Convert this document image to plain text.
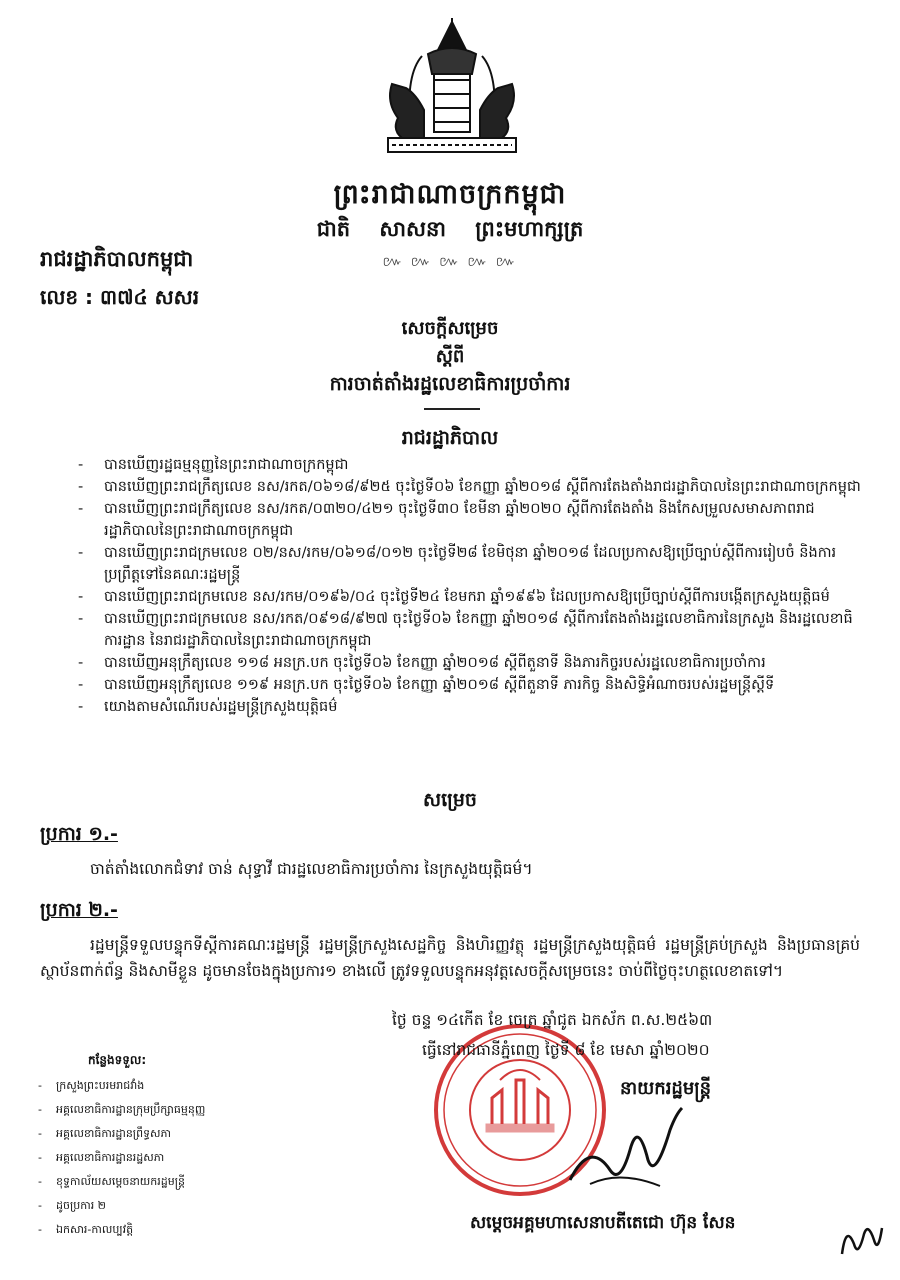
ព្រះរាជាណាចក្រកម្ពុជា
ជាតិ សាសនា ព្រះមហាក្សត្រ
៚ ៚ ៚ ៚ ៚
រាជរដ្ឋាភិបាលកម្ពុជា
លេខ : ៣៧៤ សសរ
សេចក្ដីសម្រេច
ស្ដីពី
ការចាត់តាំងរដ្ឋលេខាធិការប្រចាំការ
រាជរដ្ឋាភិបាល
- បានឃើញរដ្ឋធម្មនុញ្ញនៃព្រះរាជាណាចក្រកម្ពុជា
- បានឃើញព្រះរាជក្រឹត្យលេខ នស/រកត/០៦១៨/៩២៥ ចុះថ្ងៃទី០៦ ខែកញ្ញា ឆ្នាំ២០១៨ ស្ដីពីការតែងតាំងរាជរដ្ឋាភិបាលនៃព្រះរាជាណាចក្រកម្ពុជា
- បានឃើញព្រះរាជក្រឹត្យលេខ នស/រកត/០៣២០/៤២១ ចុះថ្ងៃទី៣០ ខែមីនា ឆ្នាំ២០២០ ស្ដីពីការតែងតាំង និងកែសម្រួលសមាសភាពរាជរដ្ឋាភិបាលនៃព្រះរាជាណាចក្រកម្ពុជា
- បានឃើញព្រះរាជក្រមលេខ ០២/នស/រកម/០៦១៨/០១២ ចុះថ្ងៃទី២៨ ខែមិថុនា ឆ្នាំ២០១៨ ដែលប្រកាសឱ្យប្រើច្បាប់ស្ដីពីការរៀបចំ និងការប្រព្រឹត្តទៅនៃគណៈរដ្ឋមន្ត្រី
- បានឃើញព្រះរាជក្រមលេខ នស/រកម/០១៩៦/០៤ ចុះថ្ងៃទី២៤ ខែមករា ឆ្នាំ១៩៩៦ ដែលប្រកាសឱ្យប្រើច្បាប់ស្ដីពីការបង្កើតក្រសួងយុត្តិធម៌
- បានឃើញព្រះរាជក្រមលេខ នស/រកត/០៩១៨/៩២៧ ចុះថ្ងៃទី០៦ ខែកញ្ញា ឆ្នាំ២០១៨ ស្ដីពីការតែងតាំងរដ្ឋលេខាធិការនៃក្រសួង និងរដ្ឋលេខាធិការដ្ឋាន នៃរាជរដ្ឋាភិបាលនៃព្រះរាជាណាចក្រកម្ពុជា
- បានឃើញអនុក្រឹត្យលេខ ១១៨ អនក្រ.បក ចុះថ្ងៃទី០៦ ខែកញ្ញា ឆ្នាំ២០១៨ ស្ដីពីតួនាទី និងភារកិច្ចរបស់រដ្ឋលេខាធិការប្រចាំការ
- បានឃើញអនុក្រឹត្យលេខ ១១៩ អនក្រ.បក ចុះថ្ងៃទី០៦ ខែកញ្ញា ឆ្នាំ២០១៨ ស្ដីពីតួនាទី ភារកិច្ច និងសិទ្ធិអំណាចរបស់រដ្ឋមន្ត្រីស្ដីទី
- យោងតាមសំណើរបស់រដ្ឋមន្ត្រីក្រសួងយុត្តិធម៌
សម្រេច
ប្រការ ១.-
ចាត់តាំងលោកជំទាវ ចាន់ សុទ្ធាវី ជារដ្ឋលេខាធិការប្រចាំការ នៃក្រសួងយុត្តិធម៌។
ប្រការ ២.-
រដ្ឋមន្ត្រីទទួលបន្ទុកទីស្ដីការគណៈរដ្ឋមន្ត្រី រដ្ឋមន្ត្រីក្រសួងសេដ្ឋកិច្ច និងហិរញ្ញវត្ថុ រដ្ឋមន្ត្រីក្រសួងយុត្តិធម៌ រដ្ឋមន្ត្រីគ្រប់ក្រសួង និងប្រធានគ្រប់ស្ថាប័នពាក់ព័ន្ធ និងសាមីខ្លួន ដូចមានចែងក្នុងប្រការ១ ខាងលើ ត្រូវទទួលបន្ទុកអនុវត្តសេចក្ដីសម្រេចនេះ ចាប់ពីថ្ងៃចុះហត្ថលេខាតទៅ។
ថ្ងៃ ចន្ទ ១៤កើត ខែ ចេត្រ ឆ្នាំជូត ឯកស័ក ព.ស.២៥៦៣
ធ្វើនៅរាជធានីភ្នំពេញ ថ្ងៃទី ៨ ខែ មេសា ឆ្នាំ២០២០
នាយករដ្ឋមន្ត្រី
សម្ដេចអគ្គមហាសេនាបតីតេជោ ហ៊ុន សែន
កន្លែងទទួល:
- ក្រសួងព្រះបរមរាជវាំង
- អគ្គលេខាធិការដ្ឋានក្រុមប្រឹក្សាធម្មនុញ្ញ
- អគ្គលេខាធិការដ្ឋានព្រឹទ្ធសភា
- អគ្គលេខាធិការដ្ឋានរដ្ឋសភា
- ខុទ្ទកាល័យសម្ដេចនាយករដ្ឋមន្ត្រី
- ដូចប្រការ ២
- ឯកសារ-កាលប្បវត្តិ
